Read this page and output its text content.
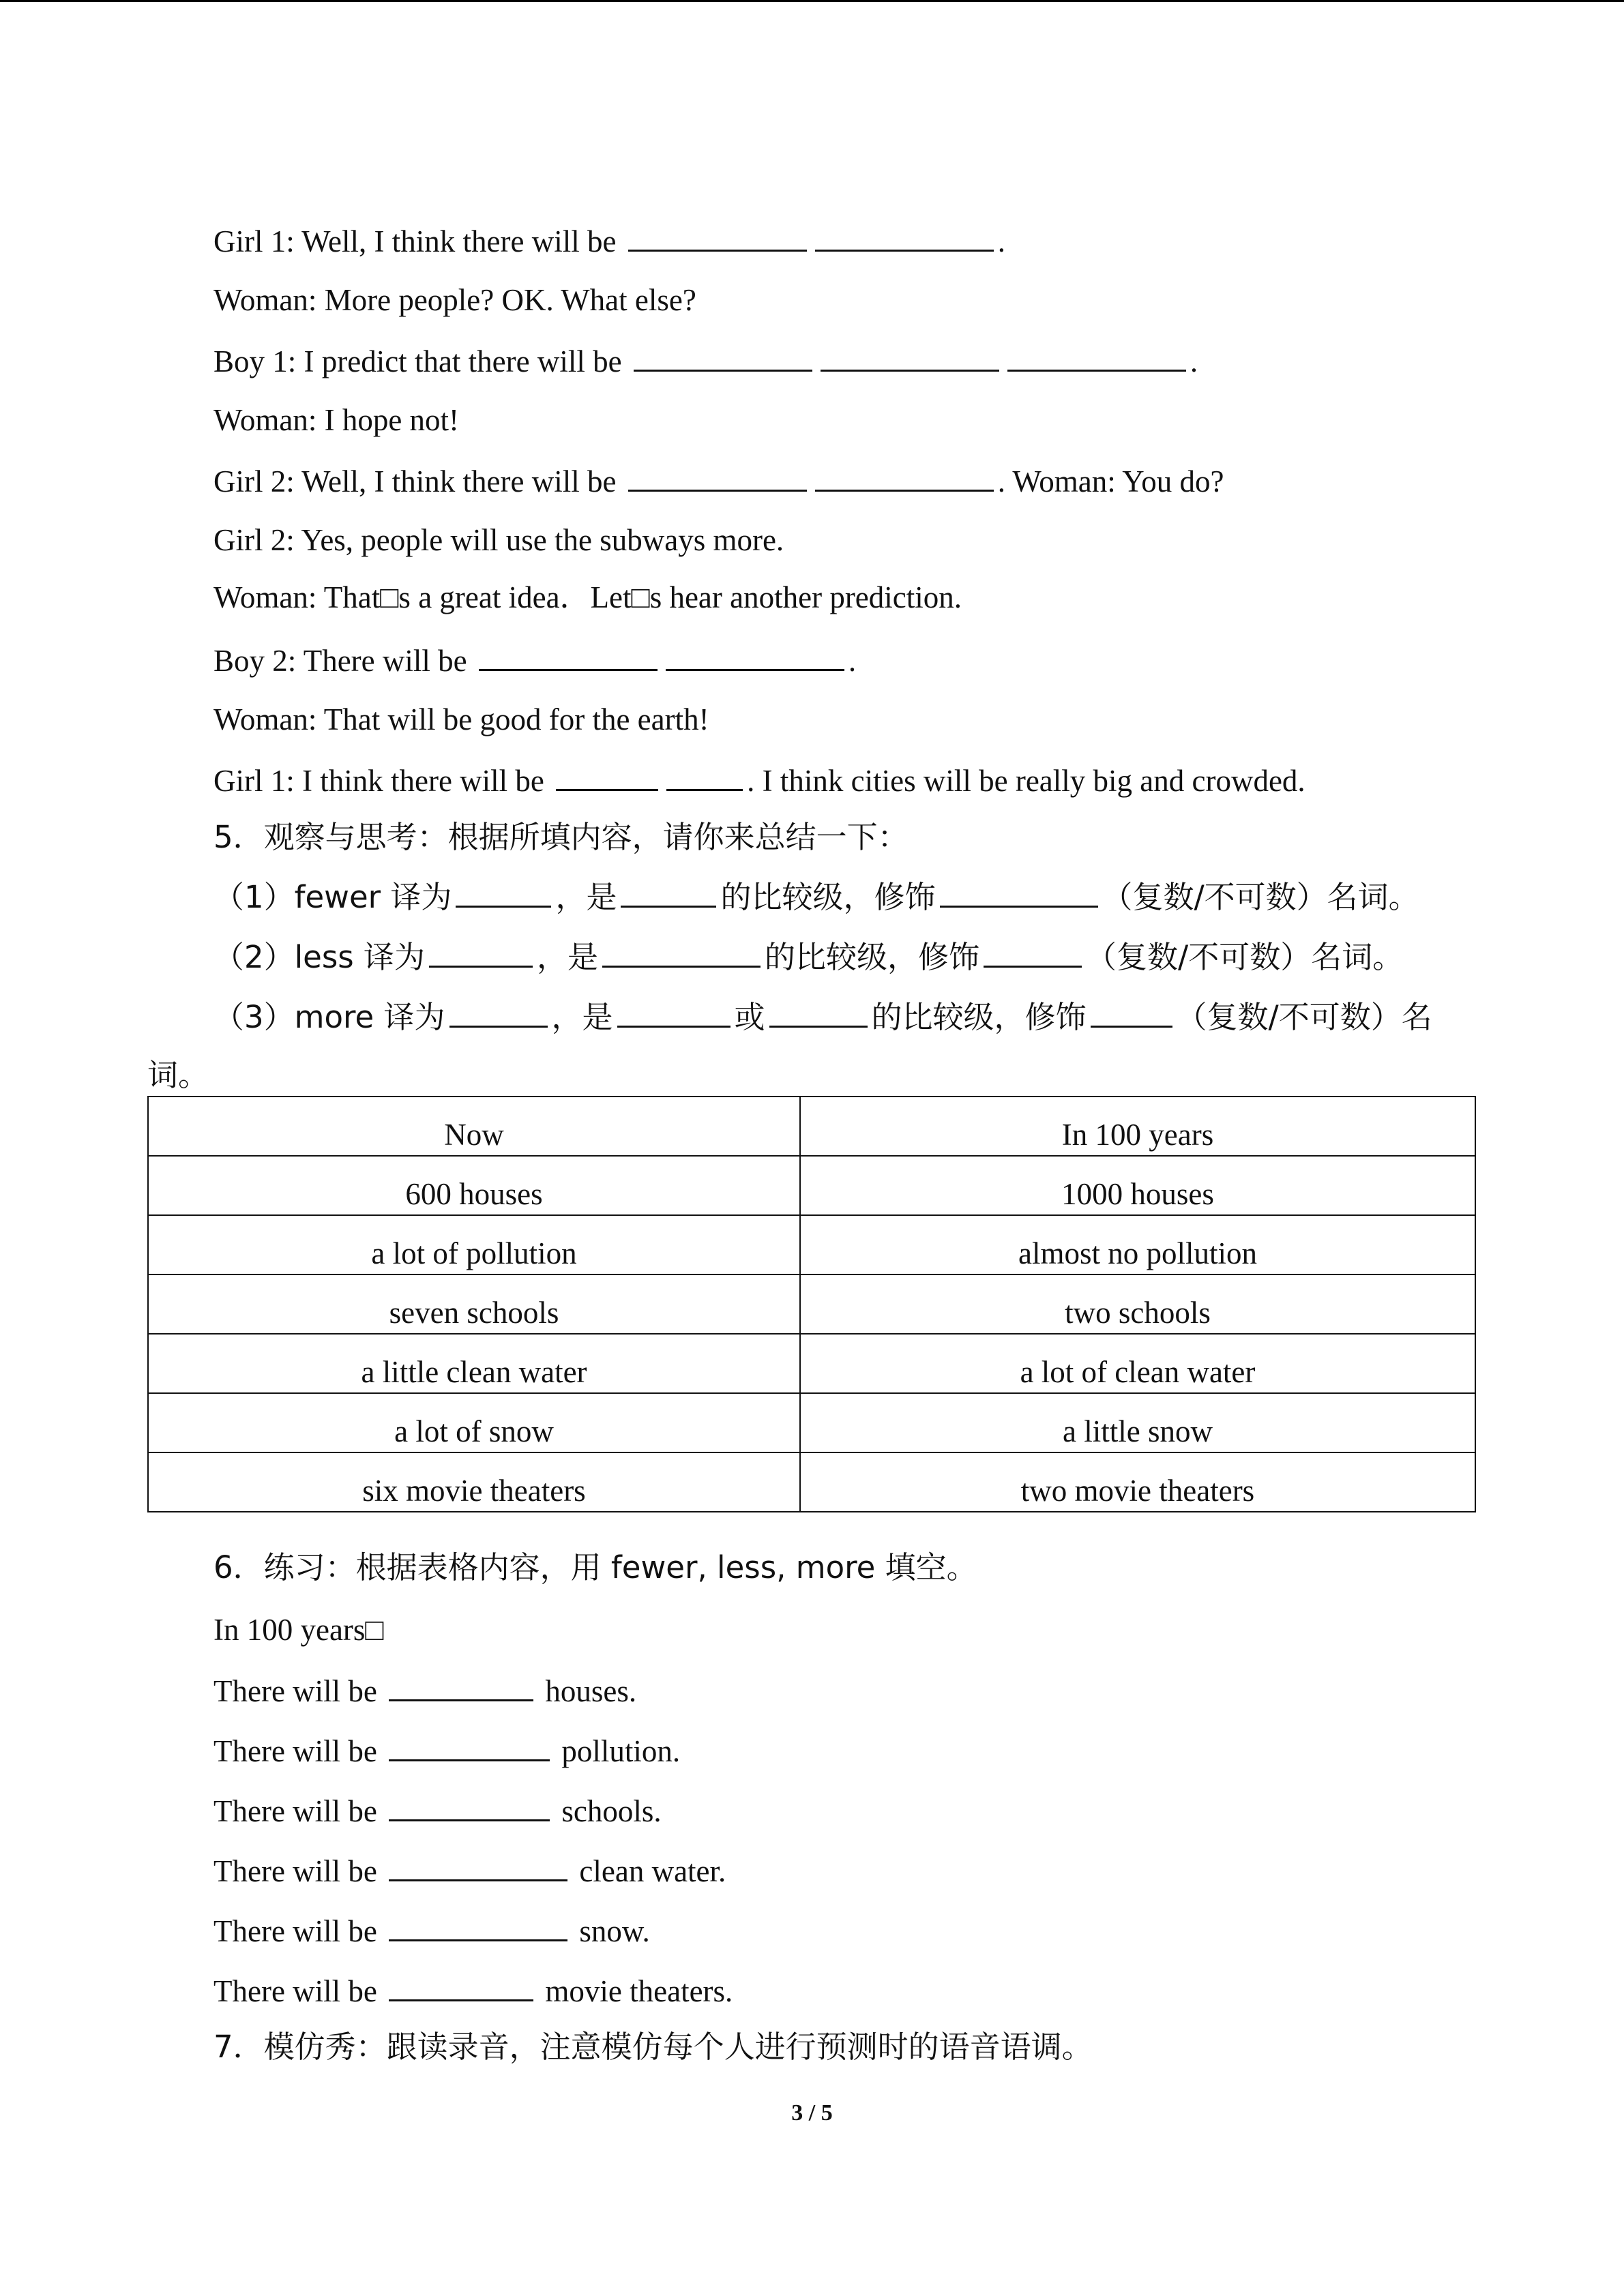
Girl 1: Well, I think there will be	.
Woman: More people? OK. What else?
Boy 1: I predict that there will be	.
Woman: I hope not!
Girl 2: Well, I think there will be	. Woman: You do?
Girl 2: Yes, people will use the subways more.
Woman: That□s a great idea．Let□s hear another prediction.
Boy 2: There will be	.
Woman: That will be good for the earth!
Girl 1: I think there will be	. I think cities will be really big and crowded.
5．观察与思考：根据所填内容，请你来总结一下：
（1）fewer 译为	，是	的比较级，修饰	（复数/不可数）名词。
（2）less 译为	，是	的比较级，修饰	（复数/不可数）名词。
（3）more 译为	，是	或	的比较级，修饰	（复数/不可数）名
词。
Now	In 100 years
600 houses	1000 houses
a lot of pollution	almost no pollution
seven schools	two schools
a little clean water	a lot of clean water
a lot of snow	a little snow
six movie theaters	two movie theaters
6．练习：根据表格内容，用 fewer, less, more 填空。
In 100 years□
There will be	houses.
There will be	pollution.
There will be	schools.
There will be	clean water.
There will be	snow.
There will be	movie theaters.
7．模仿秀：跟读录音，注意模仿每个人进行预测时的语音语调。
3 / 5
